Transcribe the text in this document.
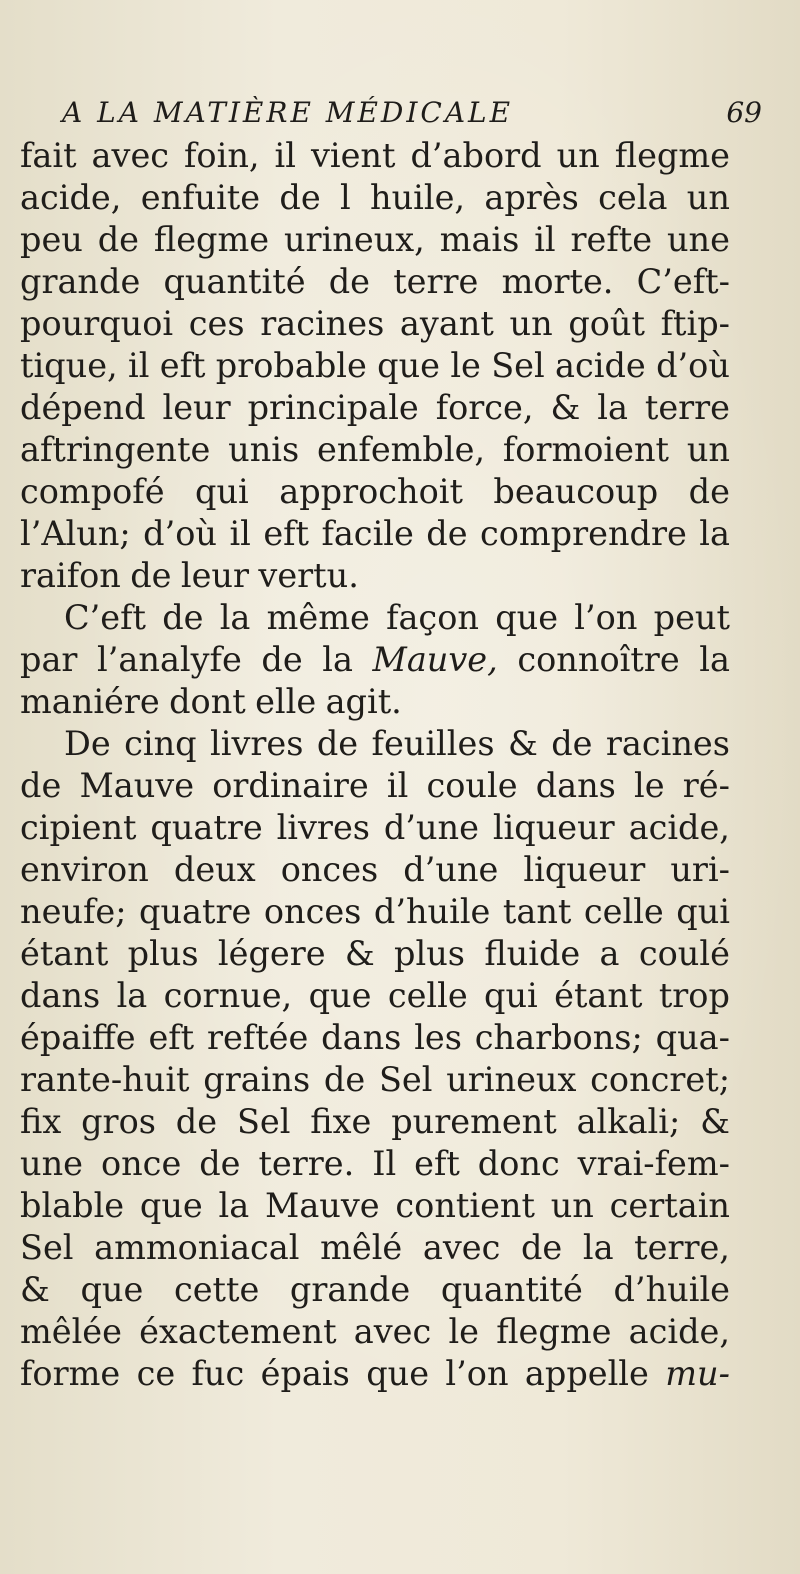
A LA MATIÈRE MÉDICALE	69
fait avec foin, il vient d’abord un flegme
acide, enfuite de l huile, après cela un
peu de flegme urineux, mais il refte une
grande quantité de terre morte. C’eft-
pourquoi ces racines ayant un goût ftip-
tique, il eft probable que le Sel acide d’où
dépend leur principale force, & la terre
aftringente unis enfemble, formoient un
compofé qui approchoit beaucoup de
l’Alun; d’où il eft facile de comprendre la
raifon de leur vertu.
C’eft de la même façon que l’on peut
par l’analyfe de la Mauve, connoître la
maniére dont elle agit.
De cinq livres de feuilles & de racines
de Mauve ordinaire il coule dans le ré-
cipient quatre livres d’une liqueur acide,
environ deux onces d’une liqueur uri-
neufe; quatre onces d’huile tant celle qui
étant plus légere & plus fluide a coulé
dans la cornue, que celle qui étant trop
épaiffe eft reftée dans les charbons; qua-
rante-huit grains de Sel urineux concret;
fix gros de Sel fixe purement alkali; &
une once de terre. Il eft donc vrai-fem-
blable que la Mauve contient un certain
Sel ammoniacal mêlé avec de la terre,
& que cette grande quantité d’huile
mêlée éxactement avec le flegme acide,
forme ce fuc épais que l’on appelle mu-
